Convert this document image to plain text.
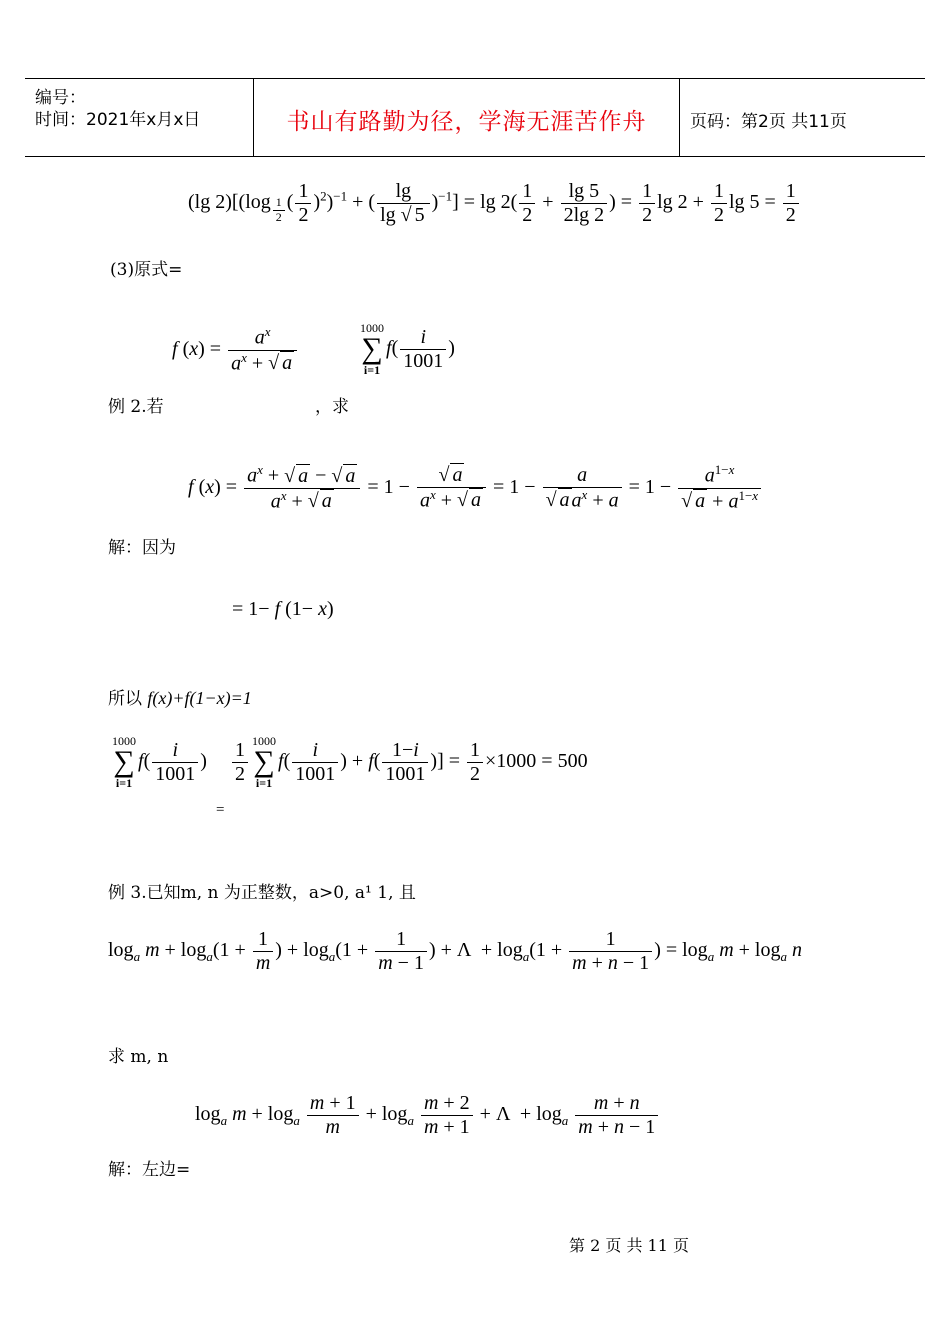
编号：
时间：2021年x月x日	书山有路勤为径，学海无涯苦作舟	页码：第2页 共11页
(lg 2)[(log $_{\frac{1}{2}}$ ( $\frac{1}{2} )^2)^{-1}$ + ( $\frac{\lg}{\lg √ 5} )^{-1}] = \lg 2( \frac{1}{2} + \frac{\lg 5}{2\lg 2}$ ) = $\frac{1}{2}$ $\lg 2 + \frac{1}{2}$ $\lg 5 = \frac{1}{2}$
(3)原式=
f $(x) = \frac{a^x}{a^x + √ a}$	1000
∑
i=1
$f( \frac{i}{1001}$ )
例 2.若	，求
f $(x) = \frac{a^x + √ a - √ a}{a^x + √ a} = 1$ −
√ $\frac{a}{a^x + √ a} = 1 - a$
√ a $a^x + a = 1 - a^{1-x}$
√ $a + a^{1-x}$
解：因为
= 1− f (1− x)
所以 f(x)+f(1−x)=1
1000
∑
i=1
$f( \frac{i}{1001}$ ) $\frac{1}{2} 1000$
∑
i=1
$f( \frac{i}{1001}$ ) + $f( \frac{1-i}{1001}$ )] = $\frac{1}{2} \times 1000 = 500$
=
例 3.已知m, n 为正整数，a>0, a¹ 1, 且
$\log_a m + \log_a(1 + \frac{1}{m}$ ) + $\log_a(1 + \frac{1}{m - 1}$ ) + $\Lambda + \log_a(1 + \frac{1}{m + n - 1}$ ) = $\log_a m + \log_a n$
求 m, n
$\log_a m + \log_a \frac{m + 1}{m} + \log_a \frac{m + 2}{m + 1} + \Lambda + \log_a \frac{m + n}{m + n - 1}$
解：左边=
第 2 页 共 11 页
